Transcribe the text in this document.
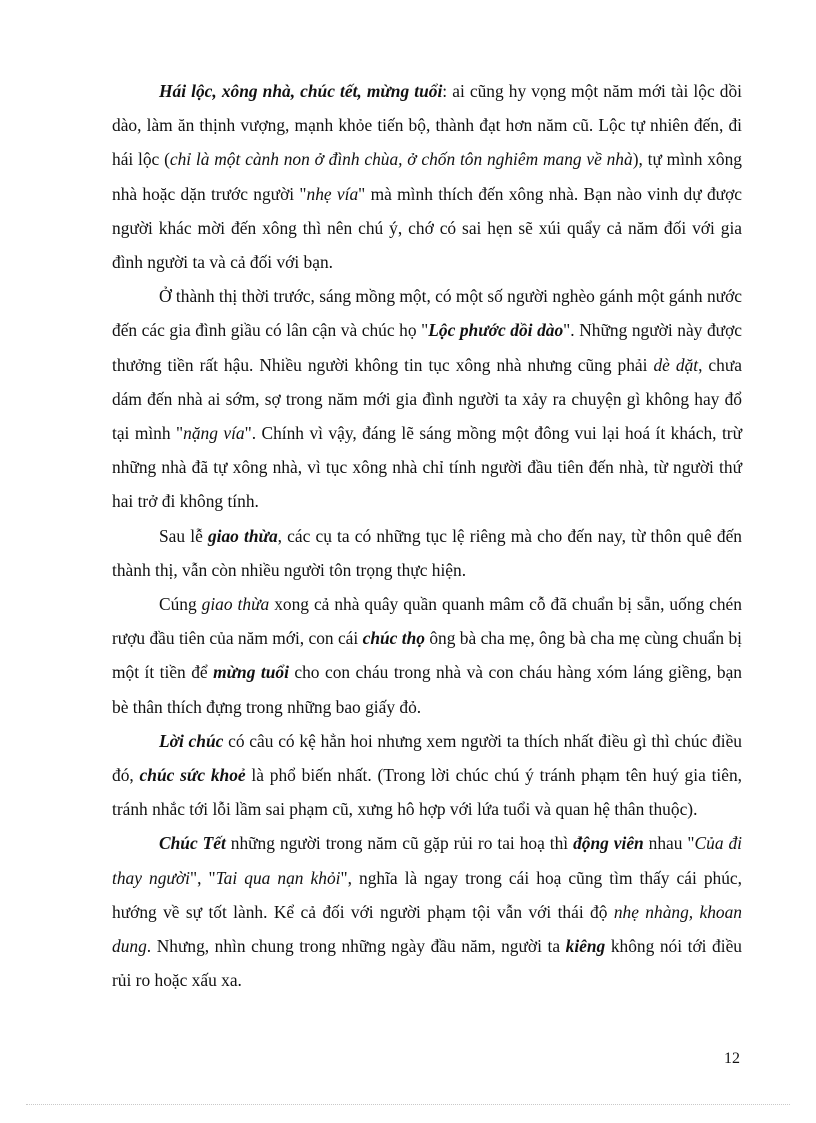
Hái lộc, xông nhà, chúc tết, mừng tuổi: ai cũng hy vọng một năm mới tài lộc dồi dào, làm ăn thịnh vượng, mạnh khỏe tiến bộ, thành đạt hơn năm cũ. Lộc tự nhiên đến, đi hái lộc (chỉ là một cành non ở đình chùa, ở chốn tôn nghiêm mang về nhà), tự mình xông nhà hoặc dặn trước người "nhẹ vía" mà mình thích đến xông nhà. Bạn nào vinh dự được người khác mời đến xông thì nên chú ý, chớ có sai hẹn sẽ xúi quẩy cả năm đối với gia đình người ta và cả đối với bạn.

Ở thành thị thời trước, sáng mồng một, có một số người nghèo gánh một gánh nước đến các gia đình giầu có lân cận và chúc họ "Lộc phước dồi dào". Những người này được thưởng tiền rất hậu. Nhiều người không tin tục xông nhà nhưng cũng phải dè dặt, chưa dám đến nhà ai sớm, sợ trong năm mới gia đình người ta xảy ra chuyện gì không hay đổ tại mình "nặng vía". Chính vì vậy, đáng lẽ sáng mồng một đông vui lại hoá ít khách, trừ những nhà đã tự xông nhà, vì tục xông nhà chỉ tính người đầu tiên đến nhà, từ người thứ hai trở đi không tính.

Sau lễ giao thừa, các cụ ta có những tục lệ riêng mà cho đến nay, từ thôn quê đến thành thị, vẫn còn nhiều người tôn trọng thực hiện.

Cúng giao thừa xong cả nhà quây quần quanh mâm cỗ đã chuẩn bị sẵn, uống chén rượu đầu tiên của năm mới, con cái chúc thọ ông bà cha mẹ, ông bà cha mẹ cùng chuẩn bị một ít tiền để mừng tuổi cho con cháu trong nhà và con cháu hàng xóm láng giềng, bạn bè thân thích đựng trong những bao giấy đỏ.

Lời chúc có câu có kệ hẳn hoi nhưng xem người ta thích nhất điều gì thì chúc điều đó, chúc sức khoẻ là phổ biến nhất. (Trong lời chúc chú ý tránh phạm tên huý gia tiên, tránh nhắc tới lỗi lầm sai phạm cũ, xưng hô hợp với lứa tuổi và quan hệ thân thuộc).

Chúc Tết những người trong năm cũ gặp rủi ro tai hoạ thì động viên nhau "Của đi thay người", "Tai qua nạn khỏi", nghĩa là ngay trong cái hoạ cũng tìm thấy cái phúc, hướng về sự tốt lành. Kể cả đối với người phạm tội vẫn với thái độ nhẹ nhàng, khoan dung. Nhưng, nhìn chung trong những ngày đầu năm, người ta kiêng không nói tới điều rủi ro hoặc xấu xa.

12
